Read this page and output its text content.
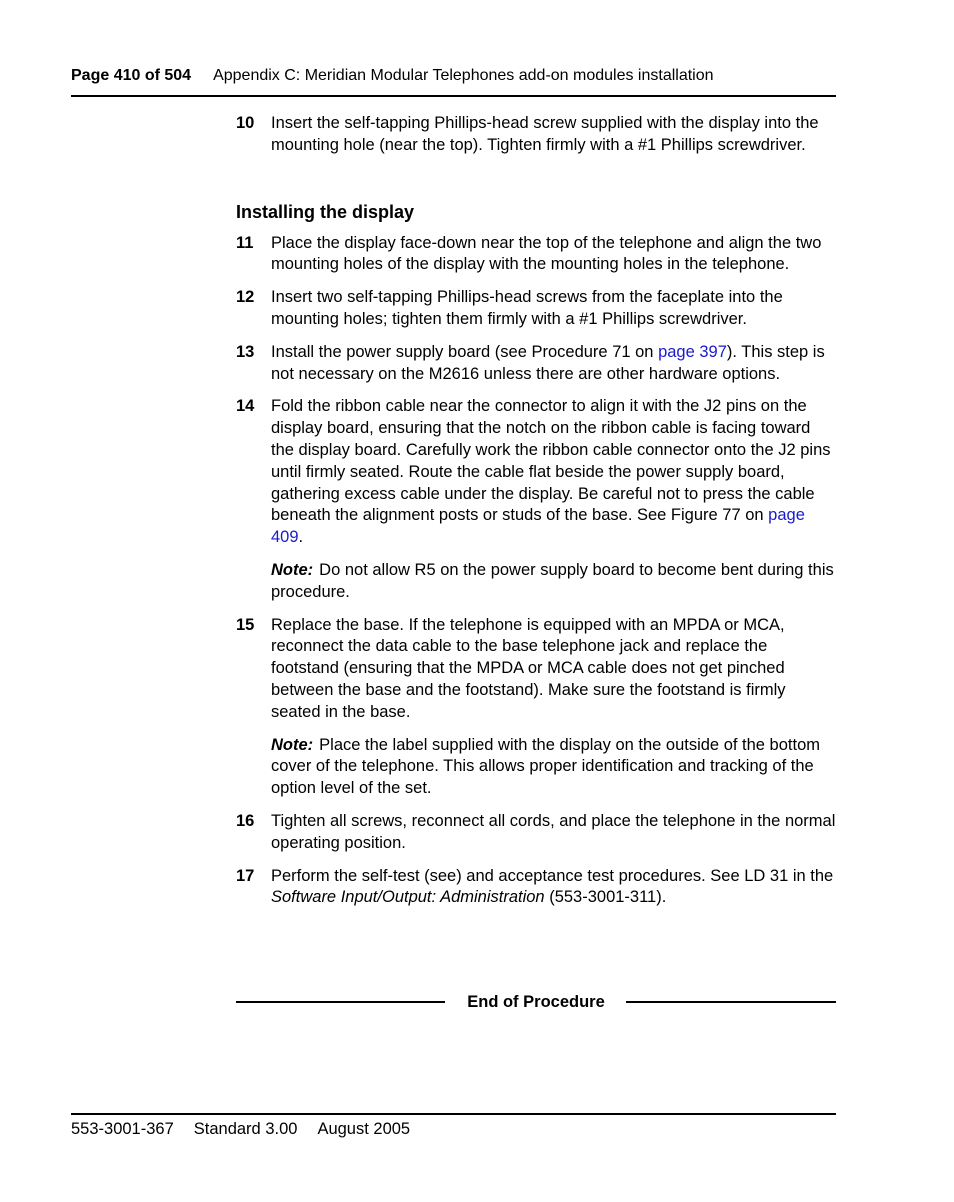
Page 410 of 504 Appendix C: Meridian Modular Telephones add-on modules installation
10 Insert the self-tapping Phillips-head screw supplied with the display into the mounting hole (near the top). Tighten firmly with a #1 Phillips screwdriver.
Installing the display
11 Place the display face-down near the top of the telephone and align the two mounting holes of the display with the mounting holes in the telephone.
12 Insert two self-tapping Phillips-head screws from the faceplate into the mounting holes; tighten them firmly with a #1 Phillips screwdriver.
13 Install the power supply board (see Procedure 71 on page 397). This step is not necessary on the M2616 unless there are other hardware options.
14 Fold the ribbon cable near the connector to align it with the J2 pins on the display board, ensuring that the notch on the ribbon cable is facing toward the display board. Carefully work the ribbon cable connector onto the J2 pins until firmly seated. Route the cable flat beside the power supply board, gathering excess cable under the display. Be careful not to press the cable beneath the alignment posts or studs of the base. See Figure 77 on page 409.
Note: Do not allow R5 on the power supply board to become bent during this procedure.
15 Replace the base. If the telephone is equipped with an MPDA or MCA, reconnect the data cable to the base telephone jack and replace the footstand (ensuring that the MPDA or MCA cable does not get pinched between the base and the footstand). Make sure the footstand is firmly seated in the base.
Note: Place the label supplied with the display on the outside of the bottom cover of the telephone. This allows proper identification and tracking of the option level of the set.
16 Tighten all screws, reconnect all cords, and place the telephone in the normal operating position.
17 Perform the self-test (see) and acceptance test procedures. See LD 31 in the Software Input/Output: Administration (553-3001-311).
End of Procedure
553-3001-367 Standard 3.00 August 2005
